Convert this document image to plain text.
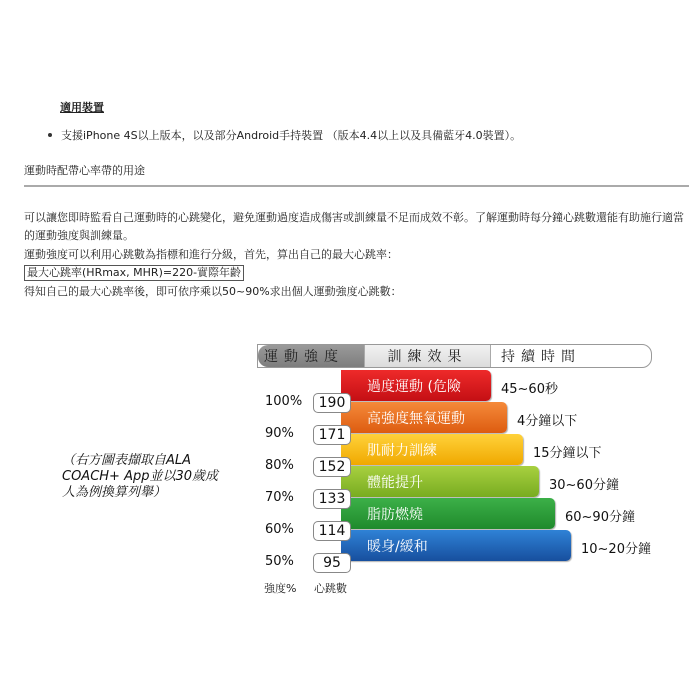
適用裝置
支援iPhone 4S以上版本，以及部分Android手持裝置 （版本4.4以上以及具備藍牙4.0裝置）。
運動時配帶心率帶的用途
可以讓您即時監看自己運動時的心跳變化，避免運動過度造成傷害或訓練量不足而成效不彰。了解運動時每分鐘心跳數還能有助施行適當
的運動強度與訓練量。
運動強度可以利用心跳數為指標和進行分級，首先，算出自己的最大心跳率：
最大心跳率(HRmax, MHR)=220-實際年齡
得知自己的最大心跳率後，即可依序乘以50~90%求出個人運動強度心跳數：
運動強度	訓練效果	持續時間
過度運動 (危險
高強度無氧運動
肌耐力訓練
體能提升
脂肪燃燒
暖身/緩和
45~60秒
4分鐘以下
15分鐘以下
30~60分鐘
60~90分鐘
10~20分鐘
100%
90%
80%
70%
60%
50%
190
171
152
133
114
95
強度% 心跳數
（右方圖表擷取自ALA
COACH+ App並以30歲成
人為例換算列舉）
